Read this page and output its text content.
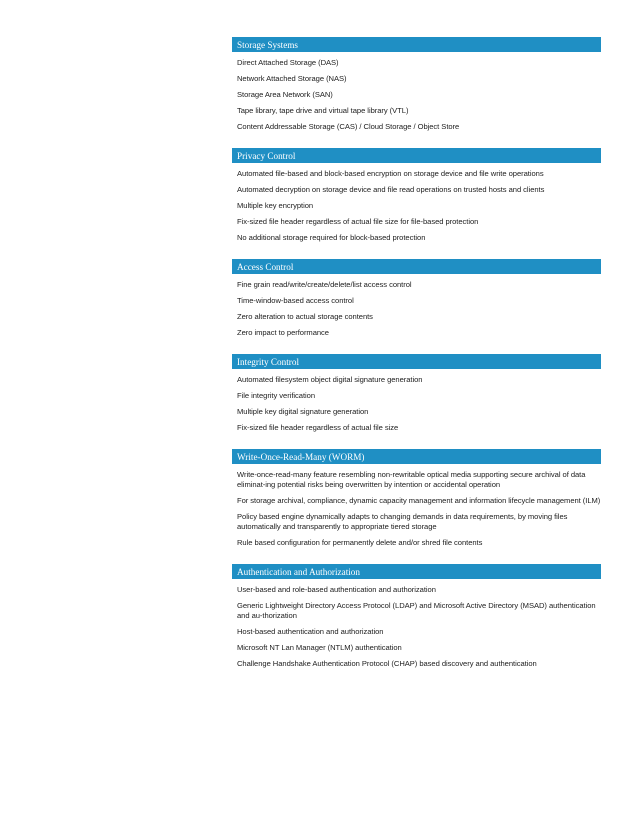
Storage Systems
Direct Attached Storage (DAS)
Network Attached Storage (NAS)
Storage Area Network (SAN)
Tape library, tape drive and virtual tape library (VTL)
Content Addressable Storage (CAS) / Cloud Storage / Object Store
Privacy Control
Automated file-based and block-based encryption on storage device and file write operations
Automated decryption on storage device and file read operations on trusted hosts and clients
Multiple key encryption
Fix-sized file header regardless of actual file size for file-based protection
No additional storage required for block-based protection
Access Control
Fine grain read/write/create/delete/list access control
Time-window-based access control
Zero alteration to actual storage contents
Zero impact to performance
Integrity Control
Automated filesystem object digital signature generation
File integrity verification
Multiple key digital signature generation
Fix-sized file header regardless of actual file size
Write-Once-Read-Many (WORM)
Write-once-read-many feature resembling non-rewritable optical media supporting secure archival of data eliminat-ing potential risks being overwritten by intention or accidental operation
For storage archival, compliance, dynamic capacity management and information lifecycle management (ILM)
Policy based engine dynamically adapts to changing demands in data requirements, by moving files automatically and transparently to appropriate tiered storage
Rule based configuration for permanently delete and/or shred file contents
Authentication and Authorization
User-based and role-based authentication and authorization
Generic Lightweight Directory Access Protocol (LDAP) and Microsoft Active Directory (MSAD) authentication and au-thorization
Host-based authentication and authorization
Microsoft NT Lan Manager (NTLM) authentication
Challenge Handshake Authentication Protocol (CHAP) based discovery and authentication
